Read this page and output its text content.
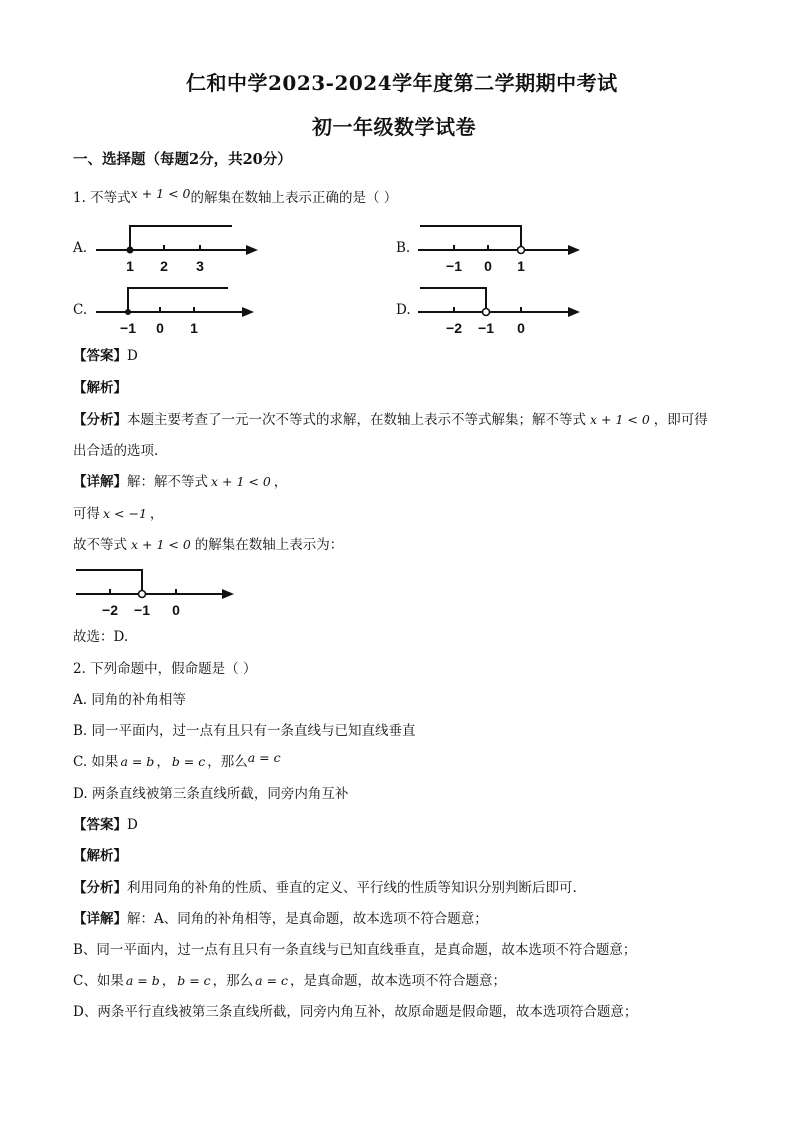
仁和中学2023-2024学年度第二学期期中考试
初一年级数学试卷
一、选择题（每题2分，共20分）
1. 不等式x + 1 < 0的解集在数轴上表示正确的是（ ）
A.	B.
C.	D.
1 2 3	−1 0 1
−1 0 1	−2 −1 0
【答案】D
【解析】
【分析】本题主要考查了一元一次不等式的求解，在数轴上表示不等式解集；解不等式 x + 1 < 0 ，即可得
出合适的选项.
【详解】解：解不等式 x + 1 < 0 ，
可得 x < −1 ，
故不等式 x + 1 < 0 的解集在数轴上表示为：
−2 −1 0
故选：D.
2. 下列命题中，假命题是（ ）
A. 同角的补角相等
B. 同一平面内，过一点有且只有一条直线与已知直线垂直
C. 如果 a = b ， b = c ，那么a = c
D. 两条直线被第三条直线所截，同旁内角互补
【答案】D
【解析】
【分析】利用同角的补角的性质、垂直的定义、平行线的性质等知识分别判断后即可.
【详解】解：A、同角的补角相等，是真命题，故本选项不符合题意；
B、同一平面内，过一点有且只有一条直线与已知直线垂直，是真命题，故本选项不符合题意；
C、如果 a = b ， b = c ，那么 a = c ，是真命题，故本选项不符合题意；
D、两条平行直线被第三条直线所截，同旁内角互补，故原命题是假命题，故本选项符合题意；
